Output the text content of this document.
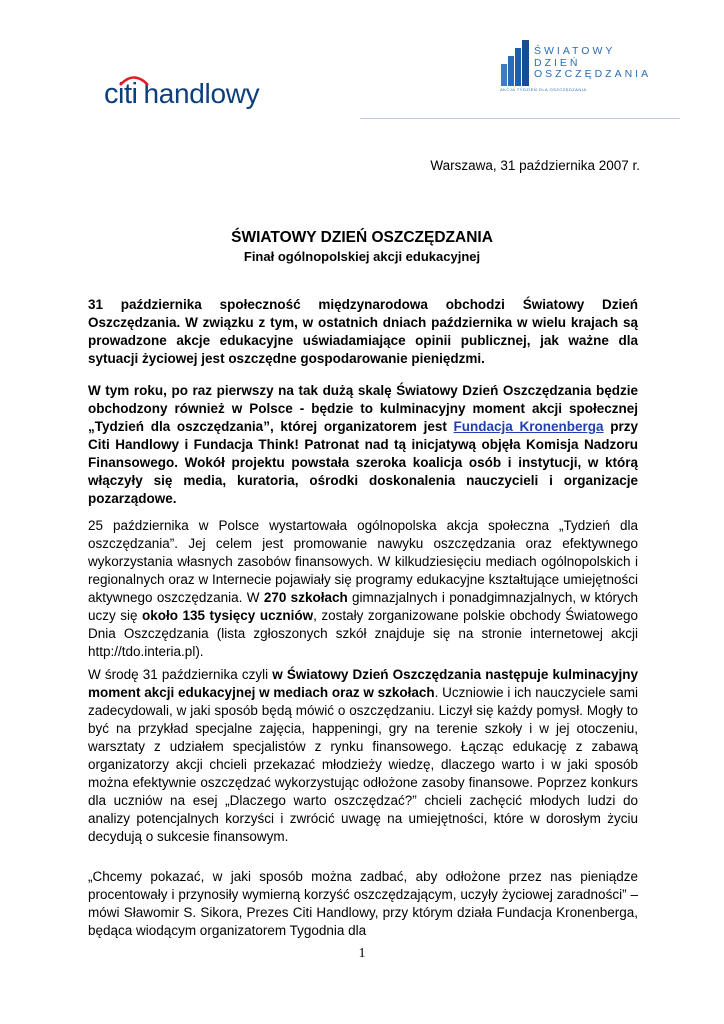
citi handlowy
ŚWIATOWY
DZIEŃ
OSZCZĘDZANIA
AKCJA TYDZIEŃ DLA OSZCZĘDZANIA
Warszawa, 31 października 2007 r.
ŚWIATOWY DZIEŃ OSZCZĘDZANIA
Finał ogólnopolskiej akcji edukacyjnej
31 października społeczność międzynarodowa obchodzi Światowy Dzień Oszczędzania. W związku z tym, w ostatnich dniach października w wielu krajach są prowadzone akcje edukacyjne uświadamiające opinii publicznej, jak ważne dla sytuacji życiowej jest oszczędne gospodarowanie pieniędzmi.
W tym roku, po raz pierwszy na tak dużą skalę Światowy Dzień Oszczędzania będzie obchodzony również w Polsce - będzie to kulminacyjny moment akcji społecznej „Tydzień dla oszczędzania”, której organizatorem jest Fundacja Kronenberga przy Citi Handlowy i Fundacja Think! Patronat nad tą inicjatywą objęła Komisja Nadzoru Finansowego. Wokół projektu powstała szeroka koalicja osób i instytucji, w którą włączyły się media, kuratoria, ośrodki doskonalenia nauczycieli i organizacje pozarządowe.
25 października w Polsce wystartowała ogólnopolska akcja społeczna „Tydzień dla oszczędzania”. Jej celem jest promowanie nawyku oszczędzania oraz efektywnego wykorzystania własnych zasobów finansowych. W kilkudziesięciu mediach ogólnopolskich i regionalnych oraz w Internecie pojawiały się programy edukacyjne kształtujące umiejętności aktywnego oszczędzania. W 270 szkołach gimnazjalnych i ponadgimnazjalnych, w których uczy się około 135 tysięcy uczniów, zostały zorganizowane polskie obchody Światowego Dnia Oszczędzania (lista zgłoszonych szkół znajduje się na stronie internetowej akcji http://tdo.interia.pl).
W środę 31 października czyli w Światowy Dzień Oszczędzania następuje kulminacyjny moment akcji edukacyjnej w mediach oraz w szkołach. Uczniowie i ich nauczyciele sami zadecydowali, w jaki sposób będą mówić o oszczędzaniu. Liczył się każdy pomysł. Mogły to być na przykład specjalne zajęcia, happeningi, gry na terenie szkoły i w jej otoczeniu, warsztaty z udziałem specjalistów z rynku finansowego. Łącząc edukację z zabawą organizatorzy akcji chcieli przekazać młodzieży wiedzę, dlaczego warto i w jaki sposób można efektywnie oszczędzać wykorzystując odłożone zasoby finansowe. Poprzez konkurs dla uczniów na esej „Dlaczego warto oszczędzać?” chcieli zachęcić młodych ludzi do analizy potencjalnych korzyści i zwrócić uwagę na umiejętności, które w dorosłym życiu decydują o sukcesie finansowym.
„Chcemy pokazać, w jaki sposób można zadbać, aby odłożone przez nas pieniądze procentowały i przynosiły wymierną korzyść oszczędzającym, uczyły życiowej zaradności” – mówi Sławomir S. Sikora, Prezes Citi Handlowy, przy którym działa Fundacja Kronenberga, będąca wiodącym organizatorem Tygodnia dla
1
